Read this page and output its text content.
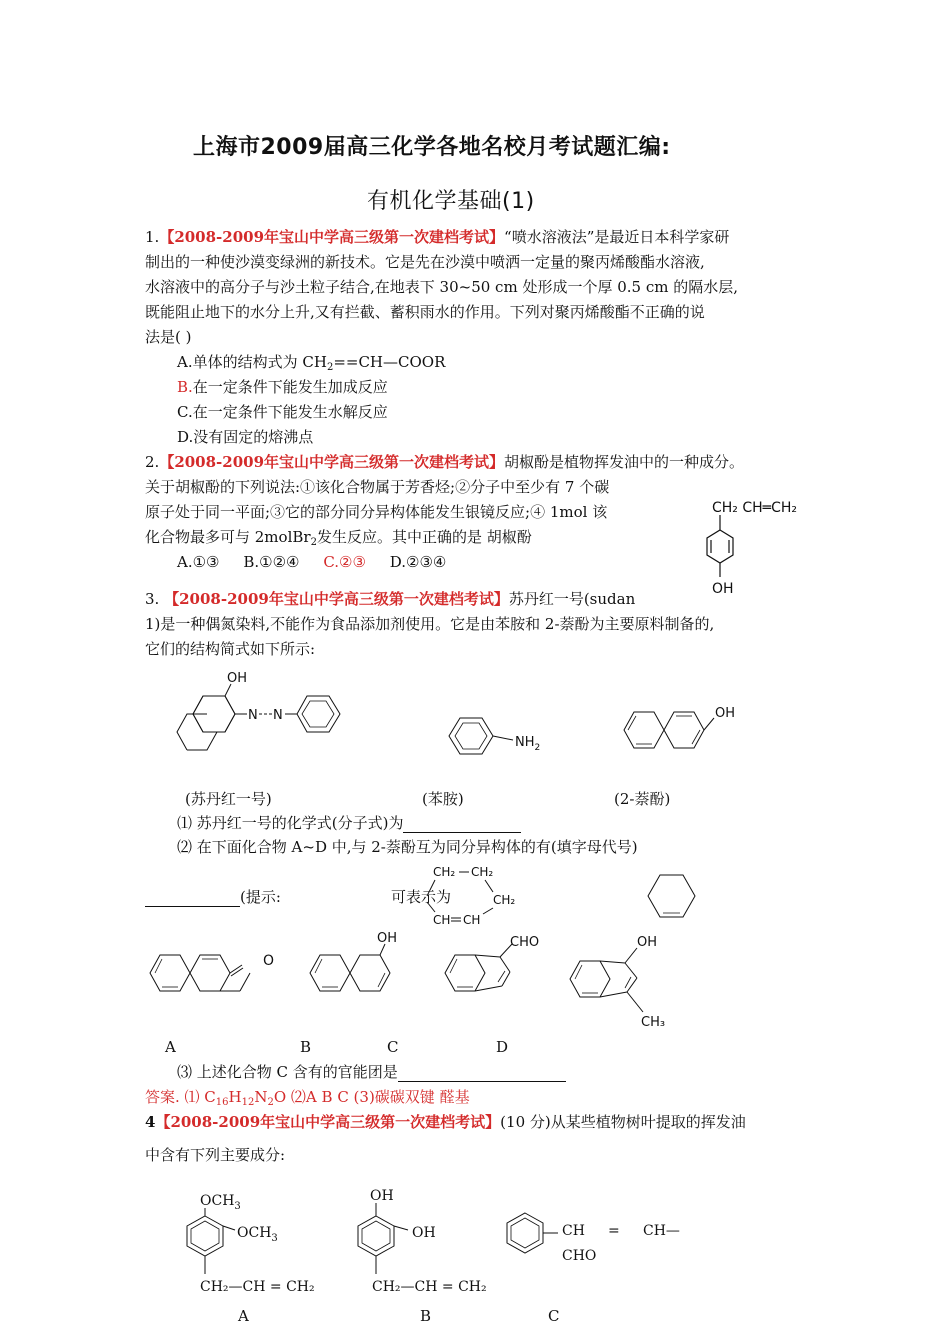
上海市2009届高三化学各地名校月考试题汇编:
有机化学基础(1)
1.【2008-2009年宝山中学高三级第一次建档考试】“喷水溶液法”是最近日本科学家研
制出的一种使沙漠变绿洲的新技术。它是先在沙漠中喷洒一定量的聚丙烯酸酯水溶液,
水溶液中的高分子与沙土粒子结合,在地表下 30~50 cm 处形成一个厚 0.5 cm 的隔水层,
既能阻止地下的水分上升,又有拦截、蓄积雨水的作用。下列对聚丙烯酸酯不正确的说
法是( )
A.单体的结构式为 $CH_2==CH—COOR$
B.在一定条件下能发生加成反应
C.在一定条件下能发生水解反应
D.没有固定的熔沸点
2.【2008-2009年宝山中学高三级第一次建档考试】胡椒酚是植物挥发油中的一种成分。
关于胡椒酚的下列说法:①该化合物属于芳香烃;②分子中至少有 7 个碳
原子处于同一平面;③它的部分同分异构体能发生银镜反应;④ 1mol 该
化合物最多可与 2molBr$_2$发生反应。其中正确的是 胡椒酚
A.①③ B.①②④ C.②③ D.②③④
CH₂ CH═CH₂
OH
3. 【2008-2009年宝山中学高三级第一次建档考试】苏丹红一号(sudan
1)是一种偶氮染料,不能作为食品添加剂使用。它是由苯胺和 2-萘酚为主要原料制备的,
它们的结构简式如下所示:
OH
N N
$NH_2$
OH
(苏丹红一号)	(苯胺)	(2-萘酚)
⑴ 苏丹红一号的化学式(分子式)为
⑵ 在下面化合物 A~D 中,与 2-萘酚互为同分异构体的有(填字母代号)
(提示:	可表示为
CH₂ CH₂
CH₂
CH CH
O
OH	CHO	OH
CH₃
A	B	C	D
⑶ 上述化合物 C 含有的官能团是
答案. ⑴ $C_{16}H_{12}N_2O$ ⑵A B C (3)碳碳双键 醛基
4【2008-2009年宝山中学高三级第一次建档考试】(10 分)从某些植物树叶提取的挥发油
中含有下列主要成分:
$OCH_3$
$OCH_3$
CH₂—CH = CH₂
OH
OH
CH₂—CH = CH₂
CH = CH—
CHO
A	B	C
